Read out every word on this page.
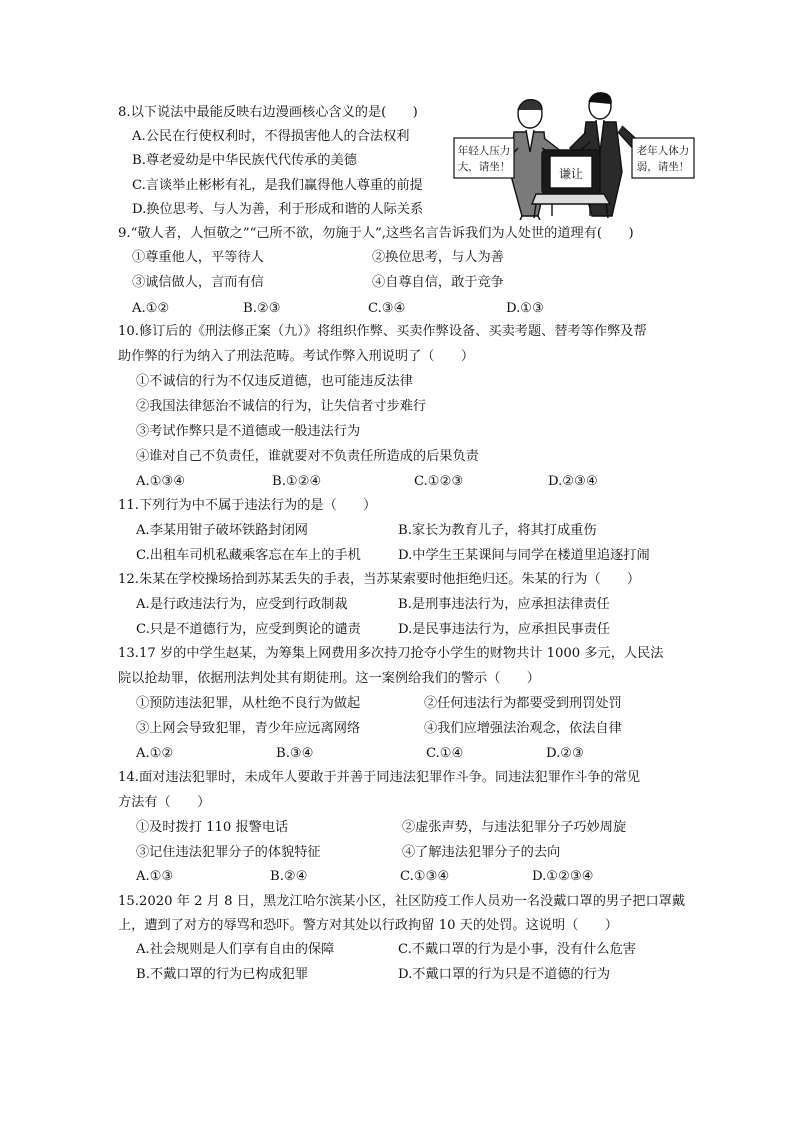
8.以下说法中最能反映右边漫画核心含义的是(　　)
A.公民在行使权利时，不得损害他人的合法权利
B.尊老爱幼是中华民族代代传承的美德
C.言谈举止彬彬有礼，是我们赢得他人尊重的前提
D.换位思考、与人为善，利于形成和谐的人际关系
谦让
年轻人压力
大，请坐！
老年人体力
弱，请坐！
9.“敬人者，人恒敬之”“己所不欲，勿施于人”,这些名言告诉我们为人处世的道理有(　　)
①尊重他人，平等待人	②换位思考，与人为善
③诚信做人，言而有信	④自尊自信，敢于竞争
A.①②	B.②③	C.③④	D.①③
10.修订后的《刑法修正案（九）》将组织作弊、买卖作弊设备、买卖考题、替考等作弊及帮
助作弊的行为纳入了刑法范畴。考试作弊入刑说明了（　　）
①不诚信的行为不仅违反道德，也可能违反法律
②我国法律惩治不诚信的行为，让失信者寸步难行
③考试作弊只是不道德或一般违法行为
④谁对自己不负责任，谁就要对不负责任所造成的后果负责
A.①③④	B.①②④	C.①②③	D.②③④
11.下列行为中不属于违法行为的是（　　）
A.李某用钳子破坏铁路封闭网	B.家长为教育儿子，将其打成重伤
C.出租车司机私藏乘客忘在车上的手机	D.中学生王某课间与同学在楼道里追逐打闹
12.朱某在学校操场拾到苏某丢失的手表，当苏某索要时他拒绝归还。朱某的行为（　　）
A.是行政违法行为，应受到行政制裁	B.是刑事违法行为，应承担法律责任
C.只是不道德行为，应受到舆论的谴责	D.是民事违法行为，应承担民事责任
13.17 岁的中学生赵某，为筹集上网费用多次持刀抢夺小学生的财物共计 1000 多元，人民法
院以抢劫罪，依据刑法判处其有期徒刑。这一案例给我们的警示（　　）
①预防违法犯罪，从杜绝不良行为做起	②任何违法行为都要受到刑罚处罚
③上网会导致犯罪，青少年应远离网络	④我们应增强法治观念，依法自律
A.①②	B.③④	C.①④	D.②③
14.面对违法犯罪时，未成年人要敢于并善于同违法犯罪作斗争。同违法犯罪作斗争的常见
方法有（　　）
①及时拨打 110 报警电话	②虚张声势，与违法犯罪分子巧妙周旋
③记住违法犯罪分子的体貌特征	④了解违法犯罪分子的去向
A.①③	B.②④	C.①③④	D.①②③④
15.2020 年 2 月 8 日，黑龙江哈尔滨某小区，社区防疫工作人员劝一名没戴口罩的男子把口罩戴
上，遭到了对方的辱骂和恐吓。警方对其处以行政拘留 10 天的处罚。这说明（　　）
A.社会规则是人们享有自由的保障	C.不戴口罩的行为是小事，没有什么危害
B.不戴口罩的行为已构成犯罪	D.不戴口罩的行为只是不道德的行为
